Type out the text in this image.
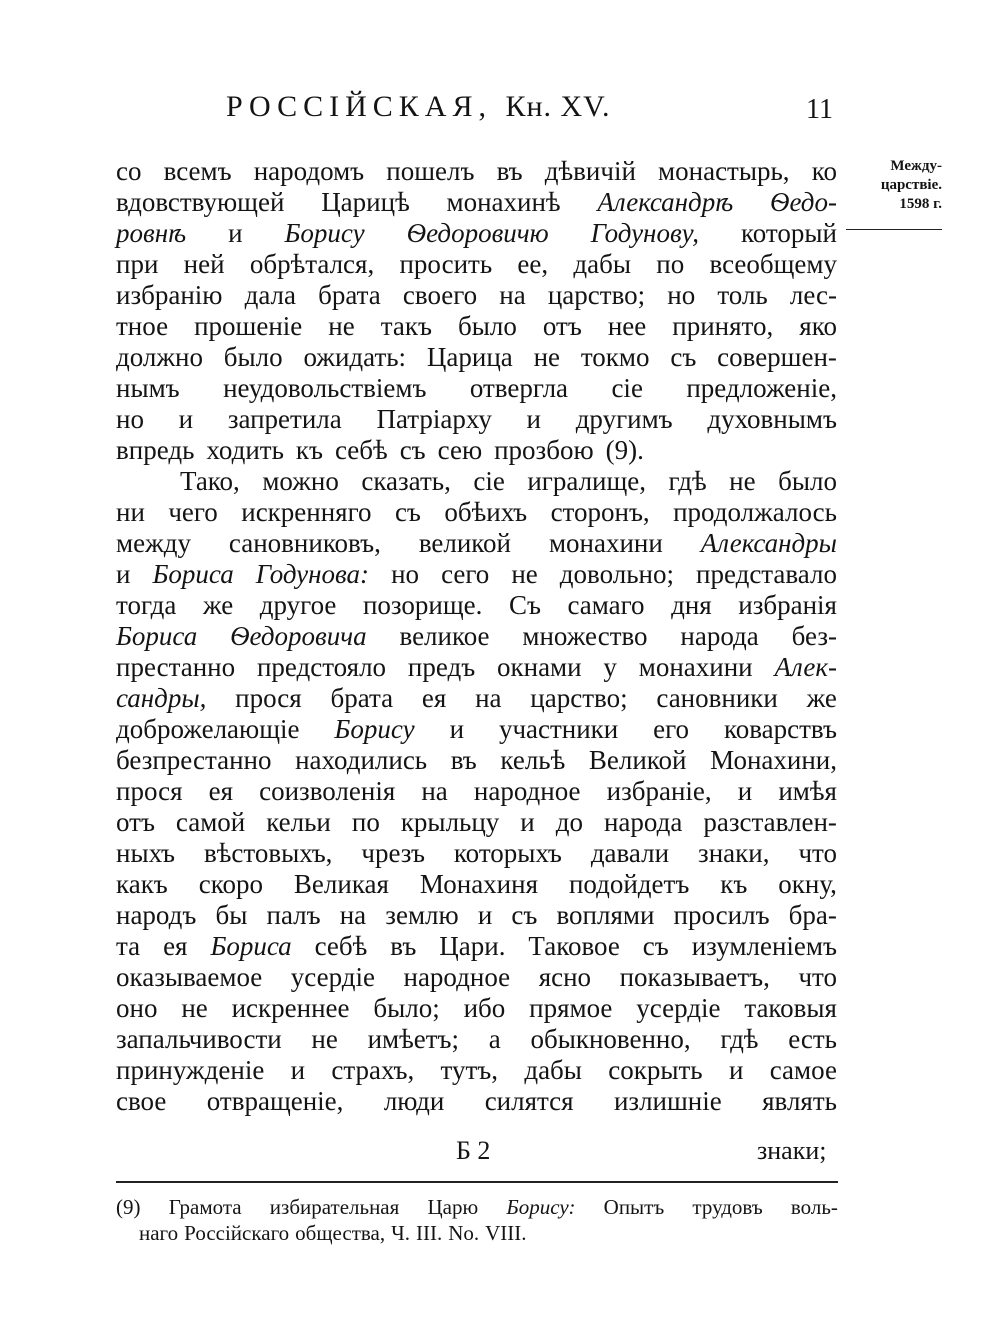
РОССІЙСКАЯ, Кн. XV.	11
Между-
царствіе.
1598 г.
со всемъ народомъ пошелъ въ дѣвичій монастырь, ко
вдовствующей Царицѣ монахинѣ Александрѣ Ѳедо-
ровнѣ и Борису Ѳедоровичю Годунову, который
при ней обрѣтался, просить ее, дабы по всеобщему
избранію дала брата своего на царство; но толь лес-
тное прошеніе не такъ было отъ нее принято, яко
должно было ожидать: Царица не токмо съ совершен-
нымъ неудовольствіемъ отвергла сіе предложеніе,
но и запретила Патріарху и другимъ духовнымъ
впредь ходить къ себѣ съ сею прозбою (9).
Тако, можно сказать, сіе игралище, гдѣ не было
ни чего искренняго съ обѣихъ сторонъ, продолжалось
между сановниковъ, великой монахини Александры
и Бориса Годунова: но сего не довольно; представало
тогда же другое позорище. Съ самаго дня избранія
Бориса Ѳедоровича великое множество народа без-
престанно предстояло предъ окнами у монахини Алек-
сандры, прося брата ея на царство; сановники же
доброжелающіе Борису и участники его коварствъ
безпрестанно находились въ кельѣ Великой Монахини,
прося ея соизволенія на народное избраніе, и имѣя
отъ самой кельи по крыльцу и до народа разставлен-
ныхъ вѣстовыхъ, чрезъ которыхъ давали знаки, что
какъ скоро Великая Монахиня подойдетъ къ окну,
народъ бы палъ на землю и съ воплями просилъ бра-
та ея Бориса себѣ въ Цари. Таковое съ изумленіемъ
оказываемое усердіе народное ясно показываетъ, что
оно не искреннее было; ибо прямое усердіе таковыя
запальчивости не имѣетъ; а обыкновенно, гдѣ есть
принужденіе и страхъ, тутъ, дабы сокрыть и самое
свое отвращеніе, люди силятся излишніе являть
Б 2	знаки;
(9) Грамота избирательная Царю Борису: Опытъ трудовъ воль-
наго Россійскаго общества, Ч. III. No. VIII.
